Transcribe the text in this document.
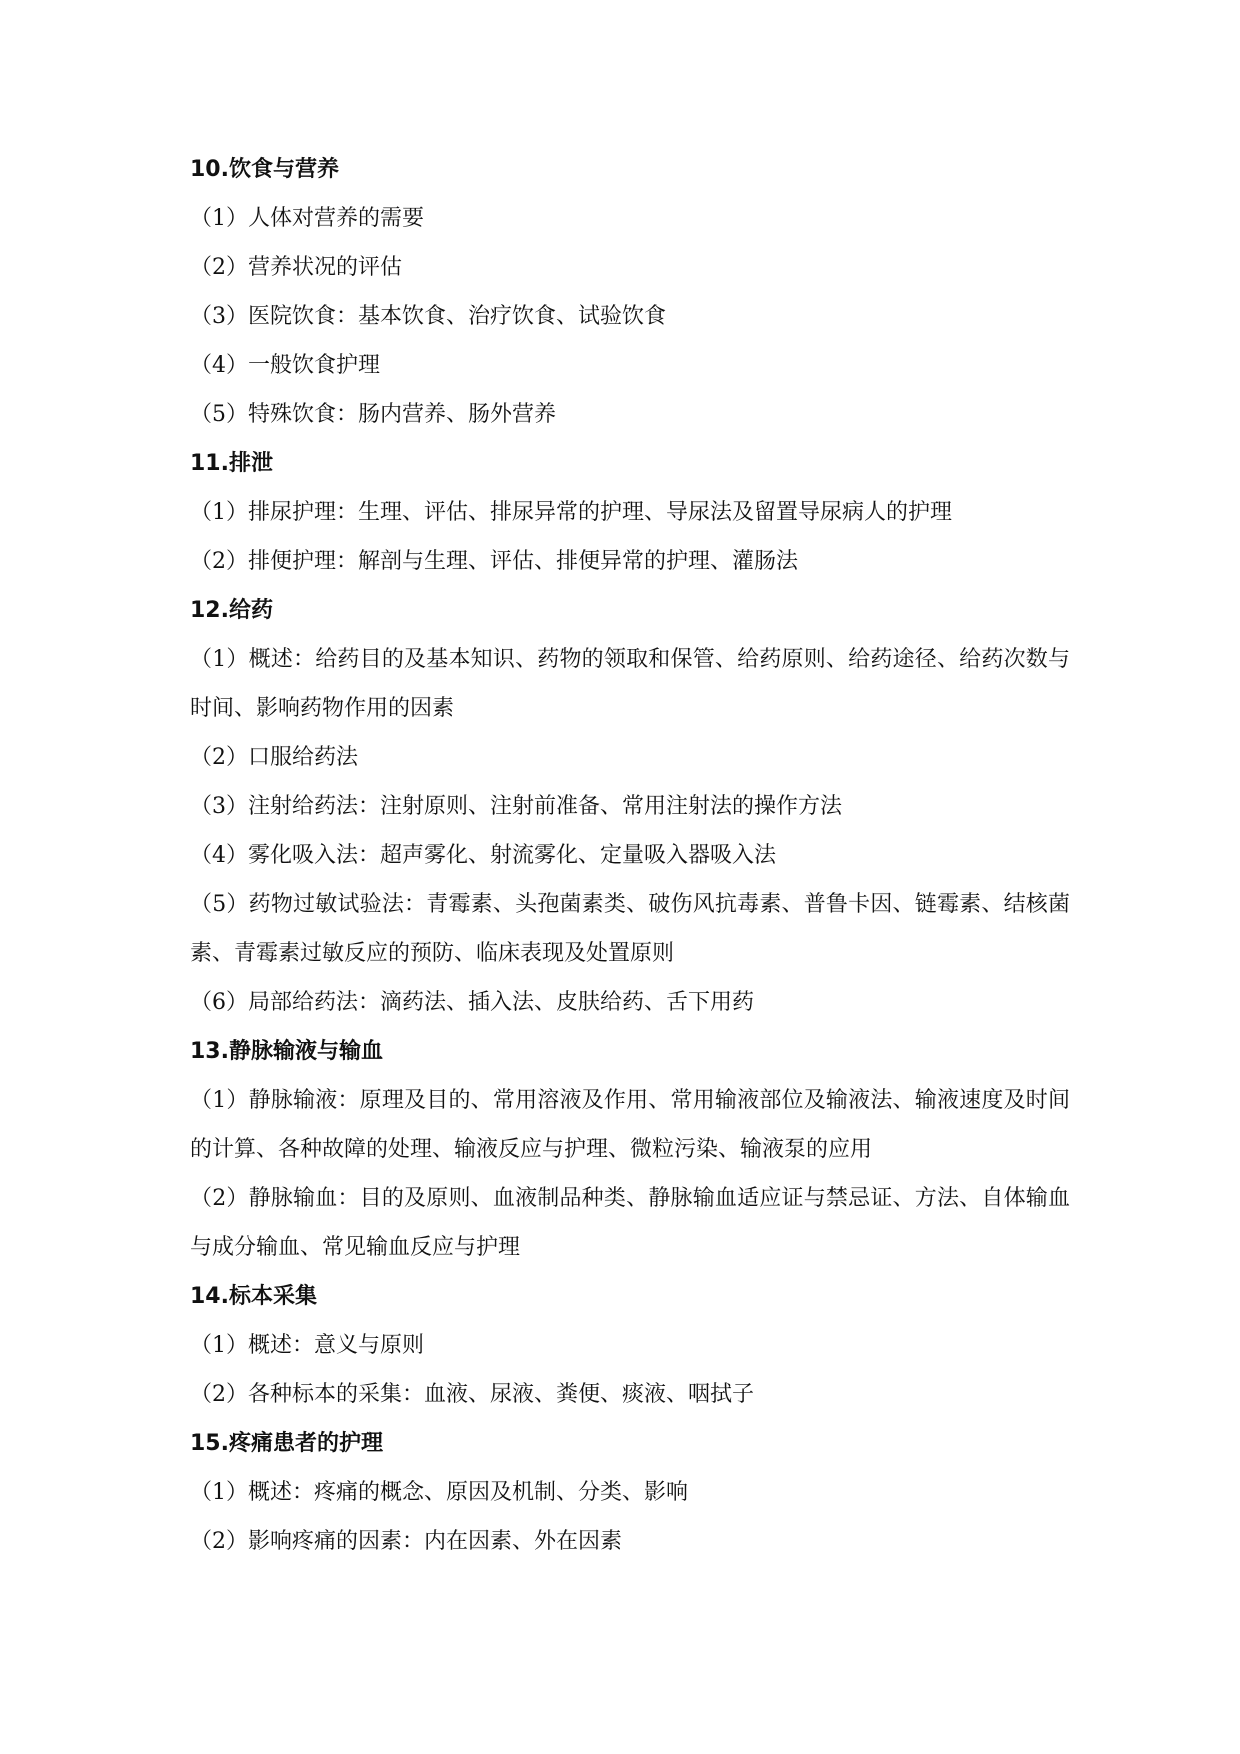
10.饮食与营养

（1）人体对营养的需要

（2）营养状况的评估

（3）医院饮食：基本饮食、治疗饮食、试验饮食

（4）一般饮食护理

（5）特殊饮食：肠内营养、肠外营养

11.排泄

（1）排尿护理：生理、评估、排尿异常的护理、导尿法及留置导尿病人的护理

（2）排便护理：解剖与生理、评估、排便异常的护理、灌肠法

12.给药

（1）概述：给药目的及基本知识、药物的领取和保管、给药原则、给药途径、给药次数与时间、影响药物作用的因素

（2）口服给药法

（3）注射给药法：注射原则、注射前准备、常用注射法的操作方法

（4）雾化吸入法：超声雾化、射流雾化、定量吸入器吸入法

（5）药物过敏试验法：青霉素、头孢菌素类、破伤风抗毒素、普鲁卡因、链霉素、结核菌素、青霉素过敏反应的预防、临床表现及处置原则

（6）局部给药法：滴药法、插入法、皮肤给药、舌下用药

13.静脉输液与输血

（1）静脉输液：原理及目的、常用溶液及作用、常用输液部位及输液法、输液速度及时间的计算、各种故障的处理、输液反应与护理、微粒污染、输液泵的应用

（2）静脉输血：目的及原则、血液制品种类、静脉输血适应证与禁忌证、方法、自体输血与成分输血、常见输血反应与护理

14.标本采集

（1）概述：意义与原则

（2）各种标本的采集：血液、尿液、粪便、痰液、咽拭子

15.疼痛患者的护理

（1）概述：疼痛的概念、原因及机制、分类、影响

（2）影响疼痛的因素：内在因素、外在因素
